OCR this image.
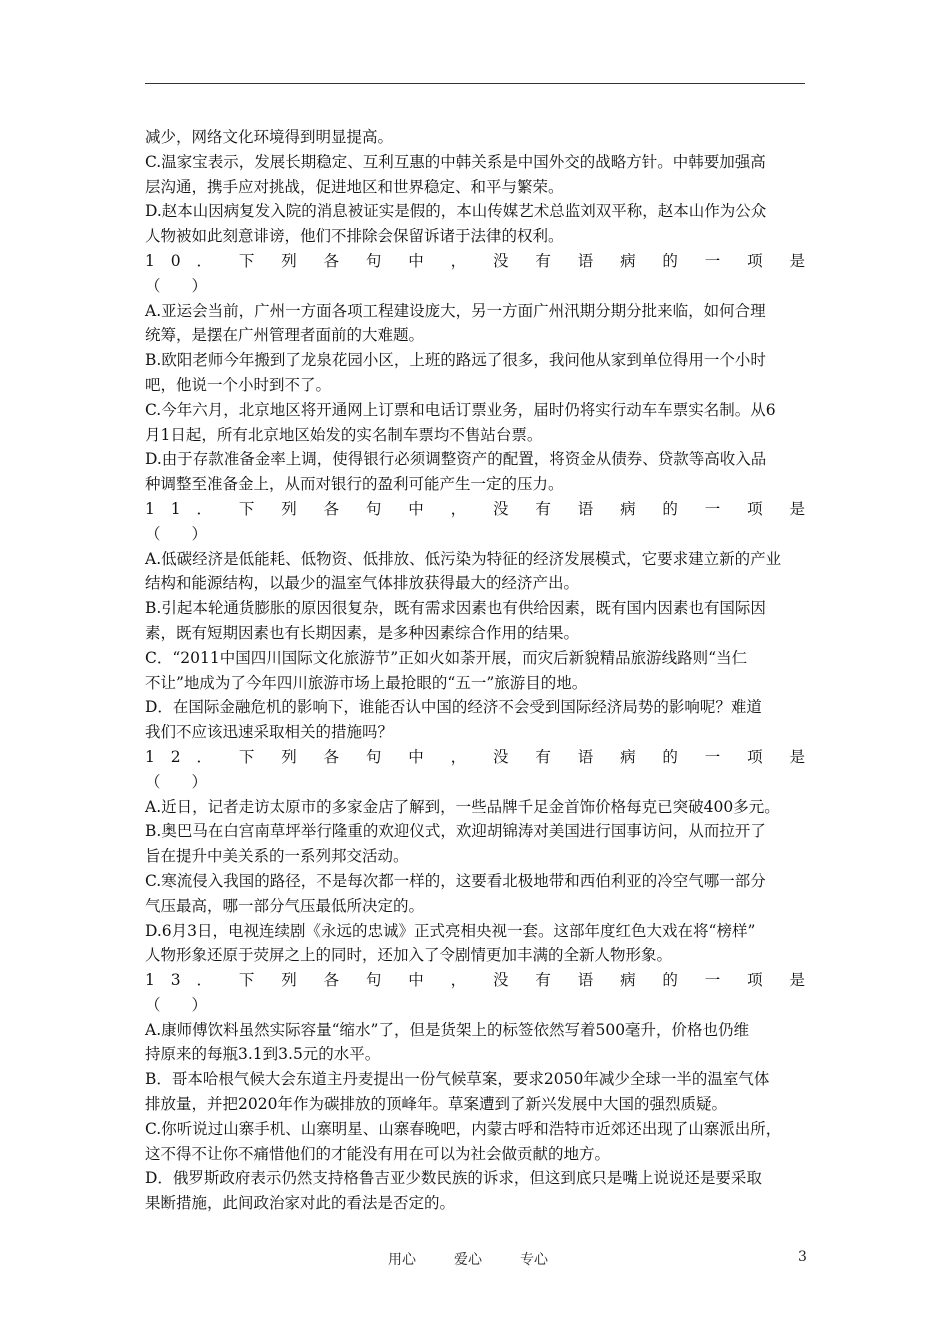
减少，网络文化环境得到明显提高。
C.温家宝表示，发展长期稳定、互利互惠的中韩关系是中国外交的战略方针。中韩要加强高
层沟通，携手应对挑战，促进地区和世界稳定、和平与繁荣。
D.赵本山因病复发入院的消息被证实是假的，本山传媒艺术总监刘双平称，赵本山作为公众
人物被如此刻意诽谤，他们不排除会保留诉诸于法律的权利。
1 0 ． 下 列 各 句 中 ， 没 有 语 病 的 一 项 是
（　　）
A.亚运会当前，广州一方面各项工程建设庞大，另一方面广州汛期分期分批来临，如何合理
统筹，是摆在广州管理者面前的大难题。
B.欧阳老师今年搬到了龙泉花园小区，上班的路远了很多，我问他从家到单位得用一个小时
吧，他说一个小时到不了。
C.今年六月，北京地区将开通网上订票和电话订票业务，届时仍将实行动车车票实名制。从6
月1日起，所有北京地区始发的实名制车票均不售站台票。
D.由于存款准备金率上调，使得银行必须调整资产的配置，将资金从债券、贷款等高收入品
种调整至准备金上，从而对银行的盈利可能产生一定的压力。
1 1 ． 下 列 各 句 中 ， 没 有 语 病 的 一 项 是
（　　）
A.低碳经济是低能耗、低物资、低排放、低污染为特征的经济发展模式，它要求建立新的产业
结构和能源结构，以最少的温室气体排放获得最大的经济产出。
B.引起本轮通货膨胀的原因很复杂，既有需求因素也有供给因素，既有国内因素也有国际因
素，既有短期因素也有长期因素，是多种因素综合作用的结果。
C．“2011中国四川国际文化旅游节”正如火如荼开展，而灾后新貌精品旅游线路则“当仁
不让”地成为了今年四川旅游市场上最抢眼的“五一”旅游目的地。
D．在国际金融危机的影响下，谁能否认中国的经济不会受到国际经济局势的影响呢？难道
我们不应该迅速采取相关的措施吗？
1 2 ． 下 列 各 句 中 ， 没 有 语 病 的 一 项 是
（　　）
A.近日，记者走访太原市的多家金店了解到，一些品牌千足金首饰价格每克已突破400多元。
B.奥巴马在白宫南草坪举行隆重的欢迎仪式，欢迎胡锦涛对美国进行国事访问，从而拉开了
旨在提升中美关系的一系列邦交活动。
C.寒流侵入我国的路径，不是每次都一样的，这要看北极地带和西伯利亚的冷空气哪一部分
气压最高，哪一部分气压最低所决定的。
D.6月3日，电视连续剧《永远的忠诚》正式亮相央视一套。这部年度红色大戏在将“榜样”
人物形象还原于荧屏之上的同时，还加入了令剧情更加丰满的全新人物形象。
1 3 ． 下 列 各 句 中 ， 没 有 语 病 的 一 项 是
（　　）
A.康师傅饮料虽然实际容量“缩水”了，但是货架上的标签依然写着500毫升，价格也仍维
持原来的每瓶3.1到3.5元的水平。
B．哥本哈根气候大会东道主丹麦提出一份气候草案，要求2050年减少全球一半的温室气体
排放量，并把2020年作为碳排放的顶峰年。草案遭到了新兴发展中大国的强烈质疑。
C.你听说过山寨手机、山寨明星、山寨春晚吧，内蒙古呼和浩特市近郊还出现了山寨派出所，
这不得不让你不痛惜他们的才能没有用在可以为社会做贡献的地方。
D．俄罗斯政府表示仍然支持格鲁吉亚少数民族的诉求，但这到底只是嘴上说说还是要采取
果断措施，此间政治家对此的看法是否定的。
用心	爱心	专心	3
